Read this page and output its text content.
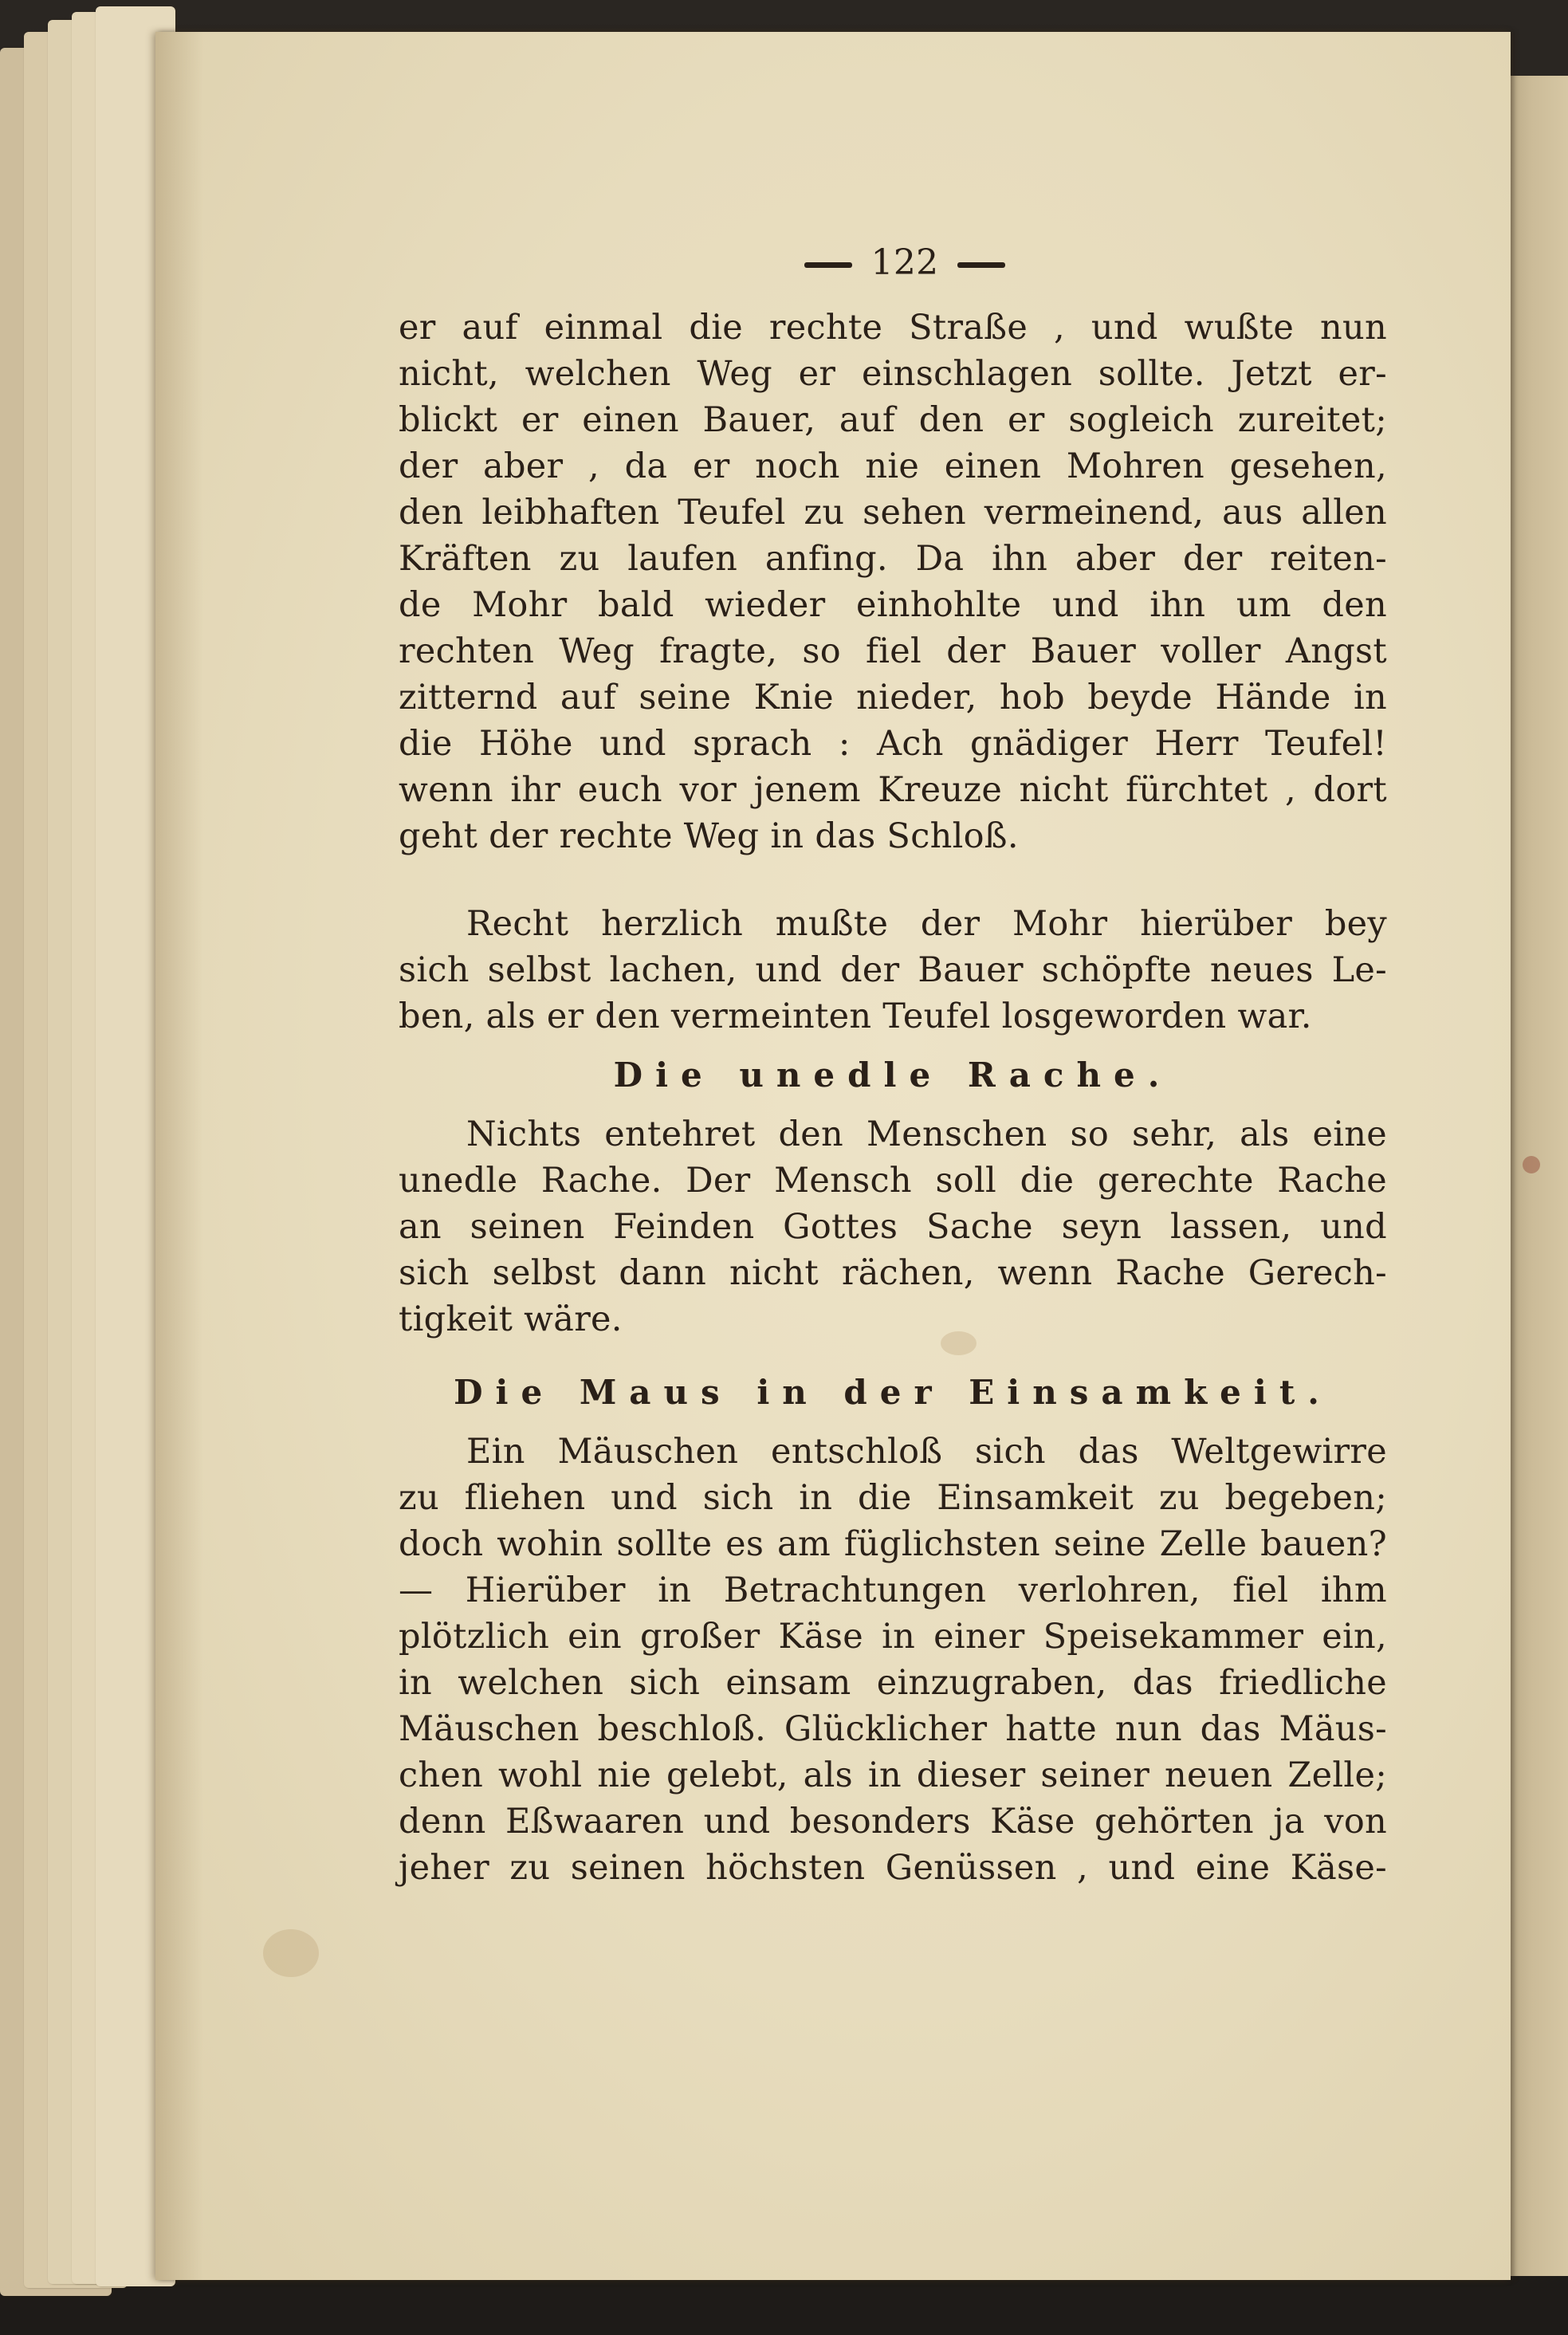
122
er auf einmal die rechte Straße , und wußte nun
nicht, welchen Weg er einschlagen sollte. Jetzt er-
blickt er einen Bauer, auf den er sogleich zureitet;
der aber , da er noch nie einen Mohren gesehen,
den leibhaften Teufel zu sehen vermeinend, aus allen
Kräften zu laufen anfing. Da ihn aber der reiten-
de Mohr bald wieder einhohlte und ihn um den
rechten Weg fragte, so fiel der Bauer voller Angst
zitternd auf seine Knie nieder, hob beyde Hände in
die Höhe und sprach : Ach gnädiger Herr Teufel!
wenn ihr euch vor jenem Kreuze nicht fürchtet , dort
geht der rechte Weg in das Schloß.
Recht herzlich mußte der Mohr hierüber bey
sich selbst lachen, und der Bauer schöpfte neues Le-
ben, als er den vermeinten Teufel losgeworden war.
Die unedle Rache.
Nichts entehret den Menschen so sehr, als eine
unedle Rache. Der Mensch soll die gerechte Rache
an seinen Feinden Gottes Sache seyn lassen, und
sich selbst dann nicht rächen, wenn Rache Gerech-
tigkeit wäre.
Die Maus in der Einsamkeit.
Ein Mäuschen entschloß sich das Weltgewirre
zu fliehen und sich in die Einsamkeit zu begeben;
doch wohin sollte es am füglichsten seine Zelle bauen?
— Hierüber in Betrachtungen verlohren, fiel ihm
plötzlich ein großer Käse in einer Speisekammer ein,
in welchen sich einsam einzugraben, das friedliche
Mäuschen beschloß. Glücklicher hatte nun das Mäus-
chen wohl nie gelebt, als in dieser seiner neuen Zelle;
denn Eßwaaren und besonders Käse gehörten ja von
jeher zu seinen höchsten Genüssen , und eine Käse-
